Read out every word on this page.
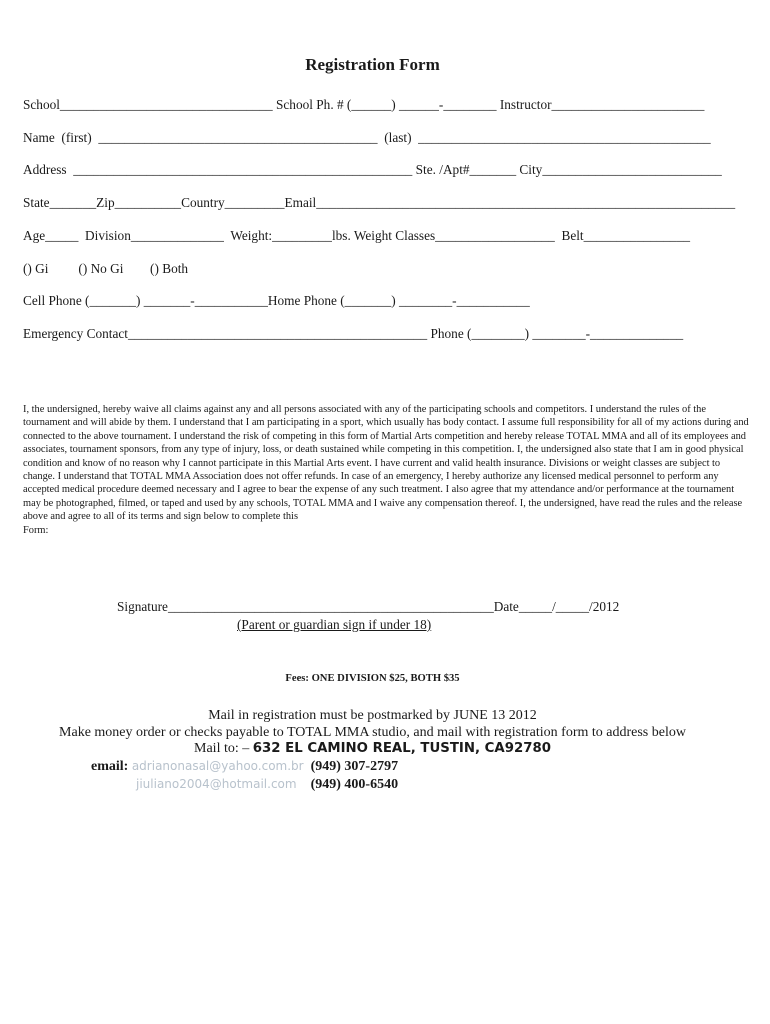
Registration Form
School________________________________ School Ph. # (______) ______-________ Instructor_______________________
Name  (first)  __________________________________________  (last)  ____________________________________________
Address  ___________________________________________________ Ste. /Apt#_______ City___________________________
State_______Zip__________Country_________Email_______________________________________________________________
Age_____  Division______________  Weight:_________lbs. Weight Classes__________________  Belt________________
() Gi         () No Gi        () Both
Cell Phone (_______) _______-___________Home Phone (_______) ________-___________
Emergency Contact_____________________________________________ Phone (________) ________-______________

I, the undersigned, hereby waive all claims against any and all persons associated with any of the participating schools and competitors. I understand the rules of the tournament and will abide by them. I understand that I am participating in a sport, which usually has body contact. I assume full responsibility for all of my actions during and connected to the above tournament. I understand the risk of competing in this form of Martial Arts competition and hereby release TOTAL MMA and all of its employees and associates, tournament sponsors, from any type of injury, loss, or death sustained while competing in this competition. I, the undersigned also state that I am in good physical condition and know of no reason why I cannot participate in this Martial Arts event. I have current and valid health insurance. Divisions or weight classes are subject to change. I understand that TOTAL MMA Association does not offer refunds. In case of an emergency, I hereby authorize any licensed medical personnel to perform any accepted medical procedure deemed necessary and I agree to bear the expense of any such treatment. I also agree that my attendance and/or performance at the tournament may be photographed, filmed, or taped and used by any schools, TOTAL MMA and I waive any compensation thereof. I, the undersigned, have read the rules and the release above and agree to all of its terms and sign below to complete this

Form:

Signature_________________________________________________Date_____/_____/2012
(Parent or guardian sign if under 18)
Fees: ONE DIVISION $25, BOTH $35
Mail in registration must be postmarked by JUNE 13 2012
Make money order or checks payable to TOTAL MMA studio, and mail with registration form to address below
Mail to: – 632 EL CAMINO REAL, TUSTIN, CA92780
email: adrianonasal@yahoo.com.br (949) 307-2797
jiuliano2004@hotmail.com (949) 400-6540
